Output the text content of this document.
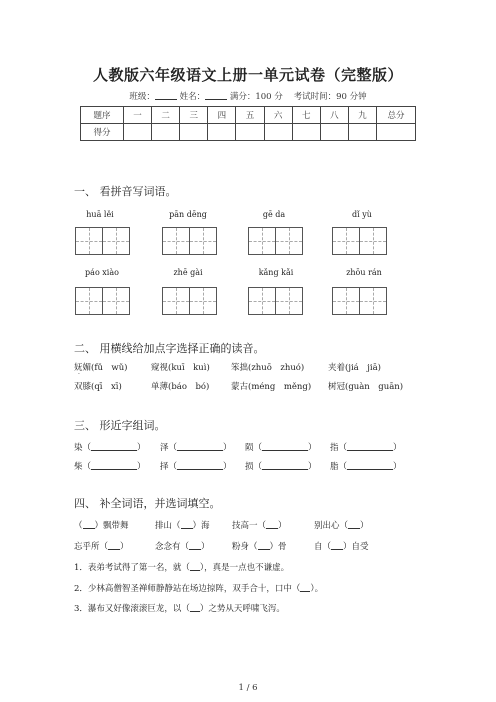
人教版六年级语文上册一单元试卷（完整版）
班级：	姓名：	满分：100 分 考试时间：90 分钟
题序	一	二	三	四	五	六	七	八	九	总分
得分										
一、 看拼音写词语。
huā lěi	pān dēng	gē da	dǐ yù
páo xiào	zhē gài	kǎng kǎi	zhōu rán
二、 用横线给加点字选择正确的读音。
妩媚(fǔ　wǔ)	窥视(kuī　kuì) 笨拙(zhuō　zhuó)	夹着(jiá　jiā)
·
双膝(qī　xī)	单薄(báo　bó)	蒙古(méng　měng) 树冠(guàn　guān)
三、 形近字组词。
染（	） 泽（	） 陨（	） 指（	）
柴（	） 择（	） 损（	） 脂（	）
四、 补全词语，并选词填空。
（ ）飘带舞	排山（ ）海	技高一（ ）	别出心（ ）
忘乎所（ ）	念念有（ ）	粉身（ ）骨	自（ ）自受
1．表弟考试得了第一名，就（ ），真是一点也不谦虚。
2．少林高僧智圣禅师静静站在场边掠阵，双手合十，口中（ ）。
3．瀑布又好像滚滚巨龙，以（ ）之势从天呼啸飞泻。
1 / 6
